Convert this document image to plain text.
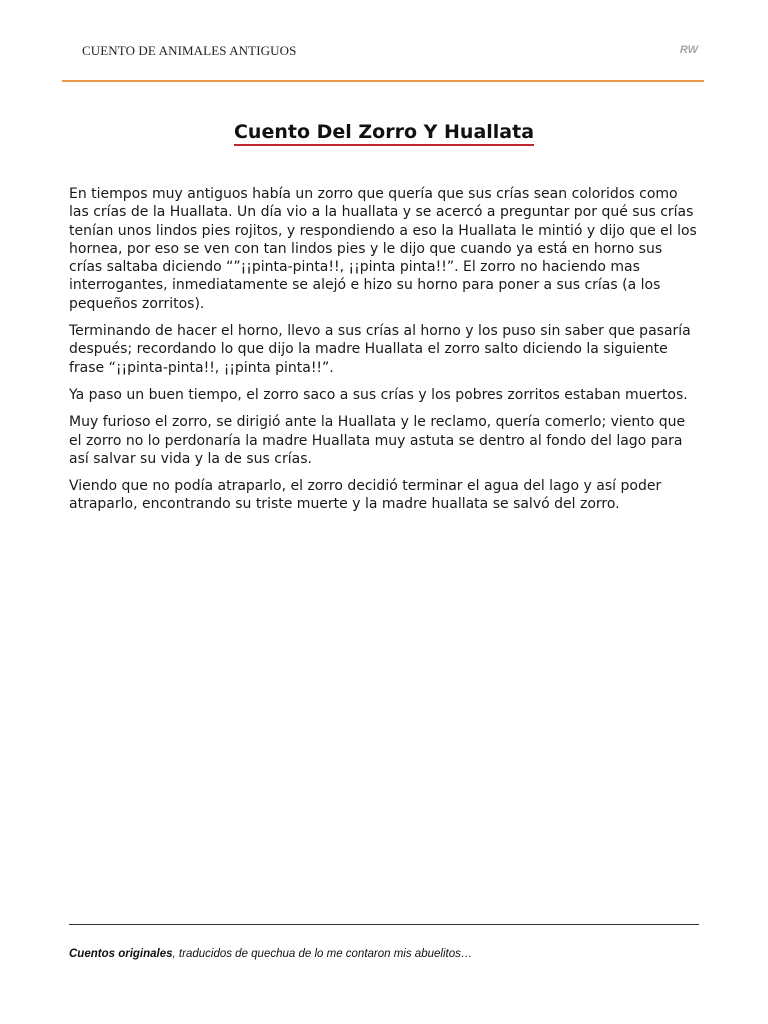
CUENTO DE ANIMALES ANTIGUOS	RW
Cuento Del Zorro Y Huallata

En tiempos muy antiguos había un zorro que quería que sus crías sean coloridos como las crías de la Huallata. Un día vio a la huallata y se acercó a preguntar por qué sus crías tenían unos lindos pies rojitos, y respondiendo a eso la Huallata le mintió y dijo que el los hornea, por eso se ven con tan lindos pies y le dijo que cuando ya está en horno sus crías saltaba diciendo “”¡¡pinta-pinta!!, ¡¡pinta pinta!!”. El zorro no haciendo mas interrogantes, inmediatamente se alejó e hizo su horno para poner a sus crías (a los pequeños zorritos).

Terminando de hacer el horno, llevo a sus crías al horno y los puso sin saber que pasaría después; recordando lo que dijo la madre Huallata el zorro salto diciendo la siguiente frase “¡¡pinta-pinta!!, ¡¡pinta pinta!!”.

Ya paso un buen tiempo, el zorro saco a sus crías y los pobres zorritos estaban muertos.

Muy furioso el zorro, se dirigió ante la Huallata y le reclamo, quería comerlo; viento que el zorro no lo perdonaría la madre Huallata muy astuta se dentro al fondo del lago para así salvar su vida y la de sus crías.

Viendo que no podía atraparlo, el zorro decidió terminar el agua del lago y así poder atraparlo, encontrando su triste muerte y la madre huallata se salvó del zorro.

Cuentos originales, traducidos de quechua de lo me contaron mis abuelitos…
